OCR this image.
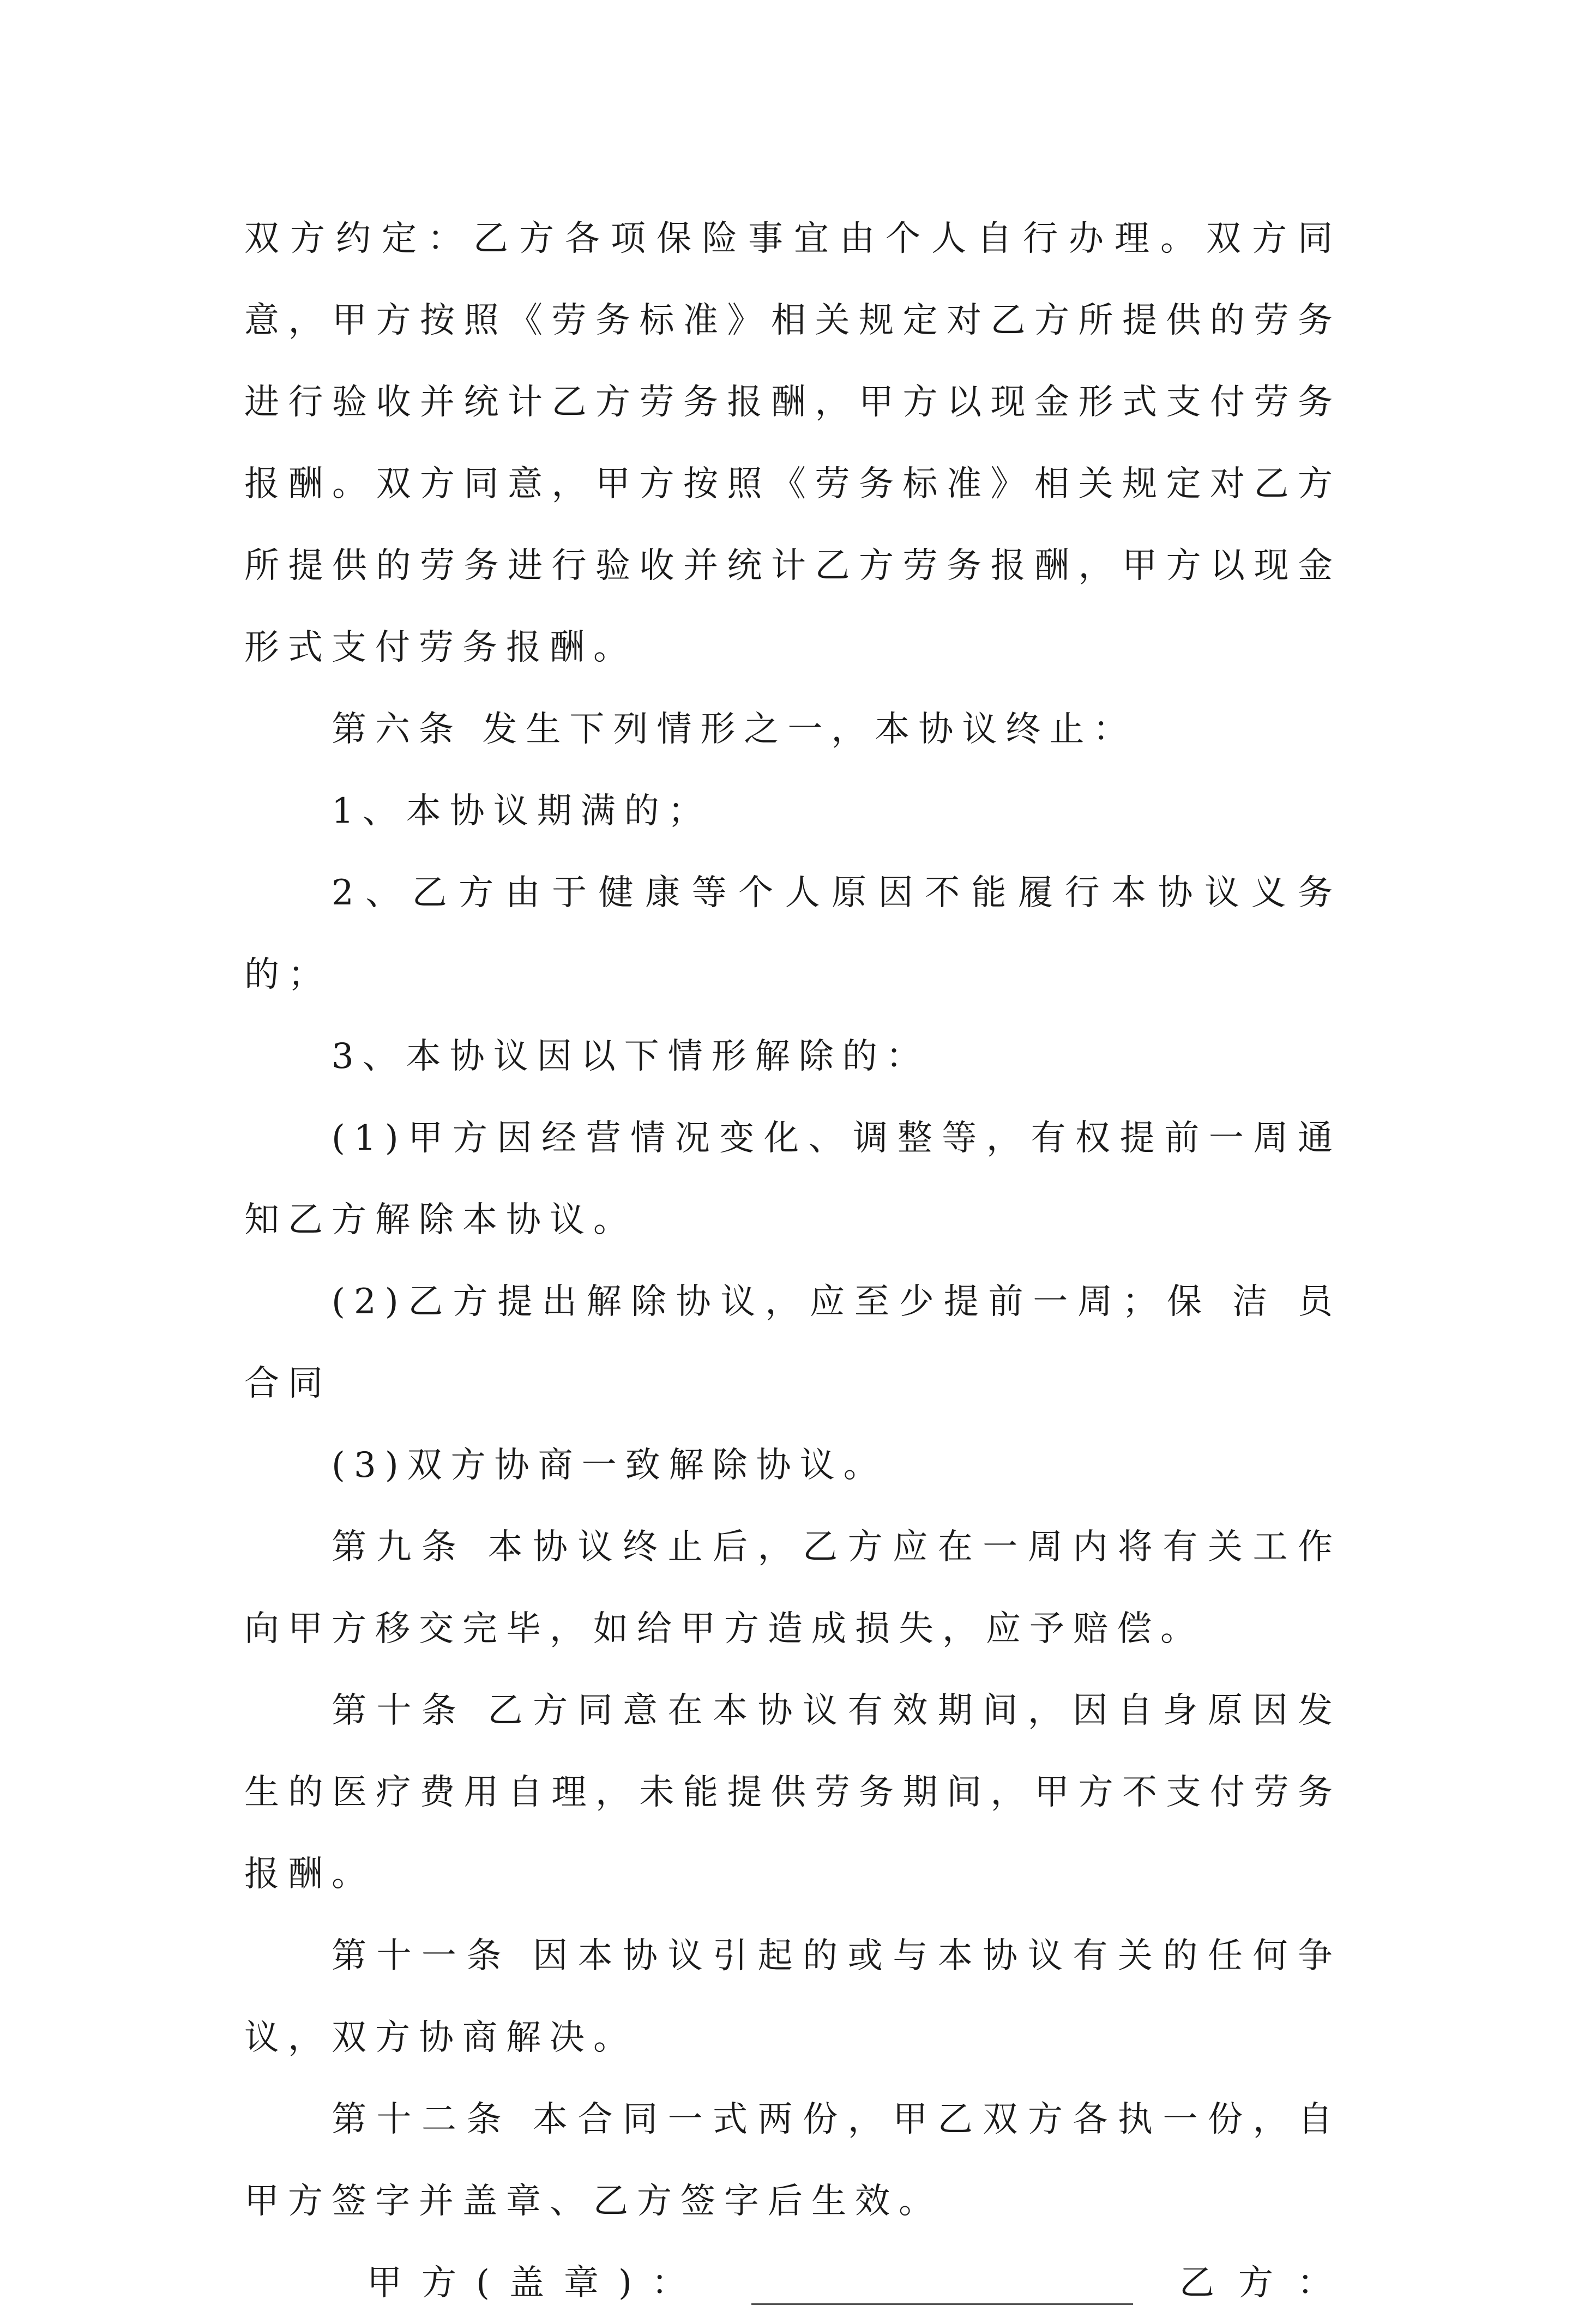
双方约定：乙方各项保险事宜由个人自行办理。双方同意，甲方按照《劳务标准》相关规定对乙方所提供的劳务进行验收并统计乙方劳务报酬，甲方以现金形式支付劳务报酬。双方同意，甲方按照《劳务标准》相关规定对乙方所提供的劳务进行验收并统计乙方劳务报酬，甲方以现金形式支付劳务报酬。

第六条 发生下列情形之一，本协议终止：

1、本协议期满的；

2、乙方由于健康等个人原因不能履行本协议义务的；

3、本协议因以下情形解除的：

(1)甲方因经营情况变化、调整等，有权提前一周通知乙方解除本协议。

(2)乙方提出解除协议，应至少提前一周；保 洁 员 合同

(3)双方协商一致解除协议。

第九条 本协议终止后，乙方应在一周内将有关工作向甲方移交完毕，如给甲方造成损失，应予赔偿。

第十条 乙方同意在本协议有效期间，因自身原因发生的医疗费用自理，未能提供劳务期间，甲方不支付劳务报酬。

第十一条 因本协议引起的或与本协议有关的任何争议，双方协商解决。

第十二条 本合同一式两份，甲乙双方各执一份，自甲方签字并盖章、乙方签字后生效。

甲方(盖章)：	乙方：
